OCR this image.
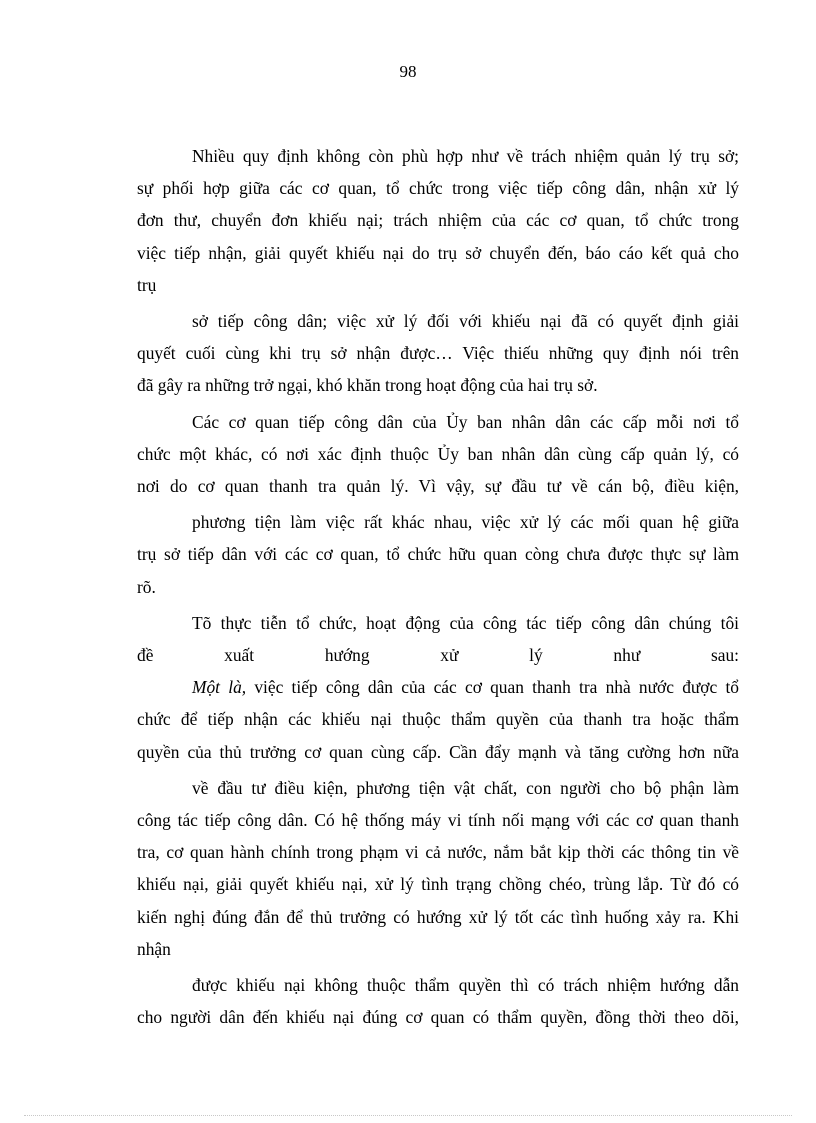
98
Nhiều quy định không còn phù hợp như về trách nhiệm quản lý trụ sở;
sự phối hợp giữa các cơ quan, tổ chức trong việc tiếp công dân, nhận xử lý
đơn thư, chuyển đơn khiếu nại; trách nhiệm của các cơ quan, tổ chức trong
việc tiếp nhận, giải quyết khiếu nại do trụ sở chuyển đến, báo cáo kết quả cho
trụ
sở tiếp công dân; việc xử lý đối với khiếu nại đã có quyết định giải
quyết cuối cùng khi trụ sở nhận được… Việc thiếu những quy định nói trên
đã gây ra những trở ngại, khó khăn trong hoạt động của hai trụ sở.
Các cơ quan tiếp công dân của Ủy ban nhân dân các cấp mỗi nơi tổ
chức một khác, có nơi xác định thuộc Ủy ban nhân dân cùng cấp quản lý, có
nơi do cơ quan thanh tra quản lý. Vì vậy, sự đầu tư về cán bộ, điều kiện,
phương tiện làm việc rất khác nhau, việc xử lý các mối quan hệ giữa
trụ sở tiếp dân với các cơ quan, tổ chức hữu quan còng chưa được thực sự làm
rõ.
Tõ thực tiễn tổ chức, hoạt động của công tác tiếp công dân chúng tôi
đề	xuất	hướng	xử	lý	như	sau:
Một là, việc tiếp công dân của các cơ quan thanh tra nhà nước được tổ
chức để tiếp nhận các khiếu nại thuộc thẩm quyền của thanh tra hoặc thẩm
quyền của thủ trưởng cơ quan cùng cấp. Cần đẩy mạnh và tăng cường hơn nữa
về đầu tư điều kiện, phương tiện vật chất, con người cho bộ phận làm
công tác tiếp công dân. Có hệ thống máy vi tính nối mạng với các cơ quan thanh
tra, cơ quan hành chính trong phạm vi cả nước, nắm bắt kịp thời các thông tin về
khiếu nại, giải quyết khiếu nại, xử lý tình trạng chồng chéo, trùng lắp. Từ đó có
kiến nghị đúng đắn để thủ trưởng có hướng xử lý tốt các tình huống xảy ra. Khi
nhận
được khiếu nại không thuộc thẩm quyền thì có trách nhiệm hướng dẫn
cho người dân đến khiếu nại đúng cơ quan có thẩm quyền, đồng thời theo dõi,
